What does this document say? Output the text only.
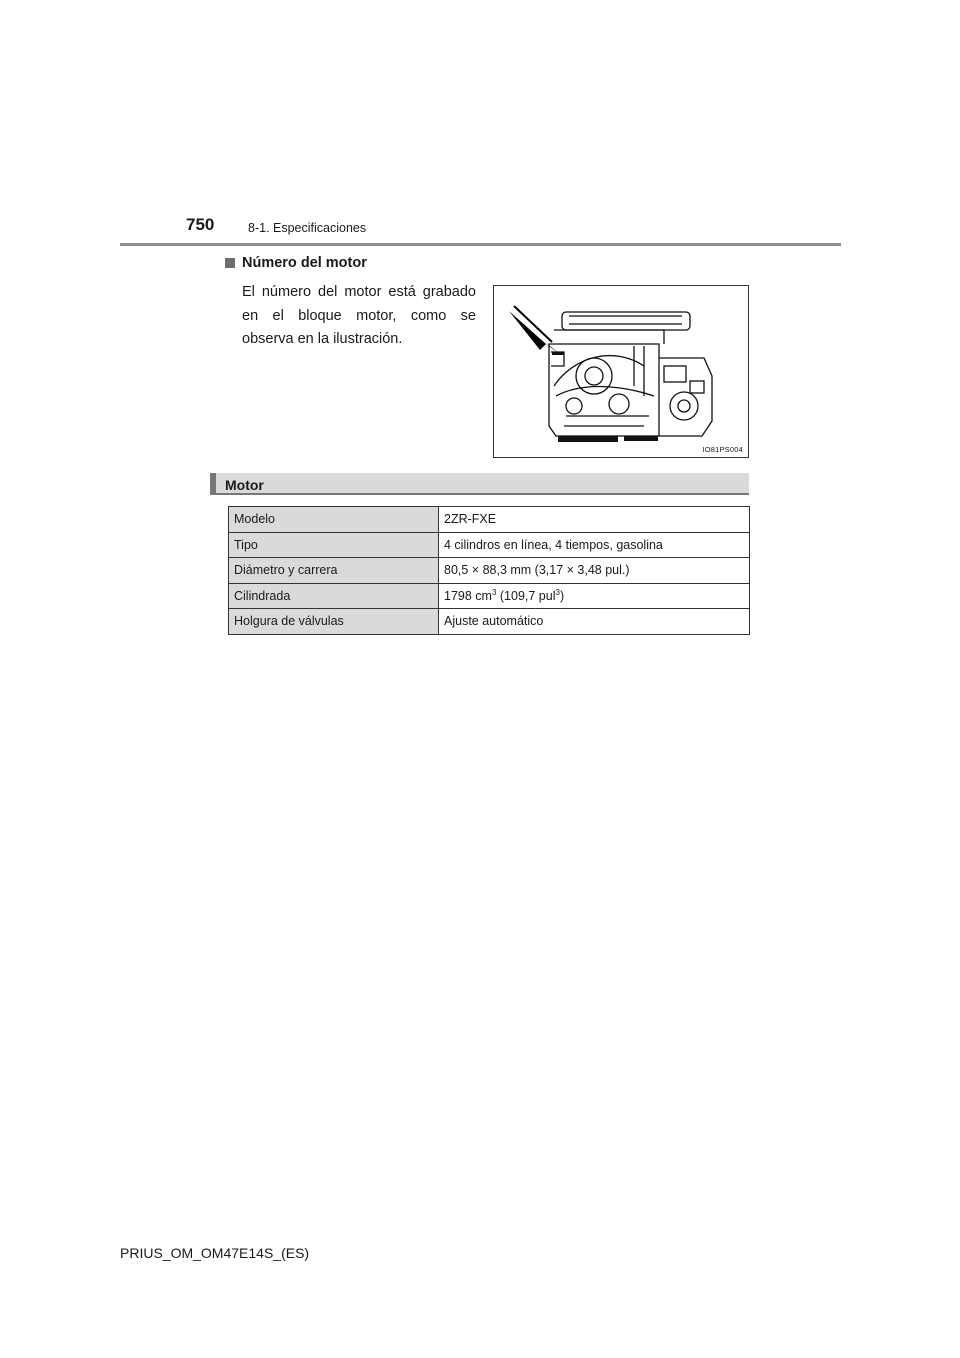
750	8-1. Especificaciones
Número del motor
El número del motor está grabado en el bloque motor, como se observa en la ilustración.
IO81PS004
Motor
Modelo	2ZR-FXE
Tipo	4 cilindros en línea, 4 tiempos, gasolina
Diámetro y carrera	80,5 × 88,3 mm (3,17 × 3,48 pul.)
Cilindrada	1798 $cm^3$ (109,7 pul$^3$)
Holgura de válvulas	Ajuste automático
PRIUS_OM_OM47E14S_(ES)
